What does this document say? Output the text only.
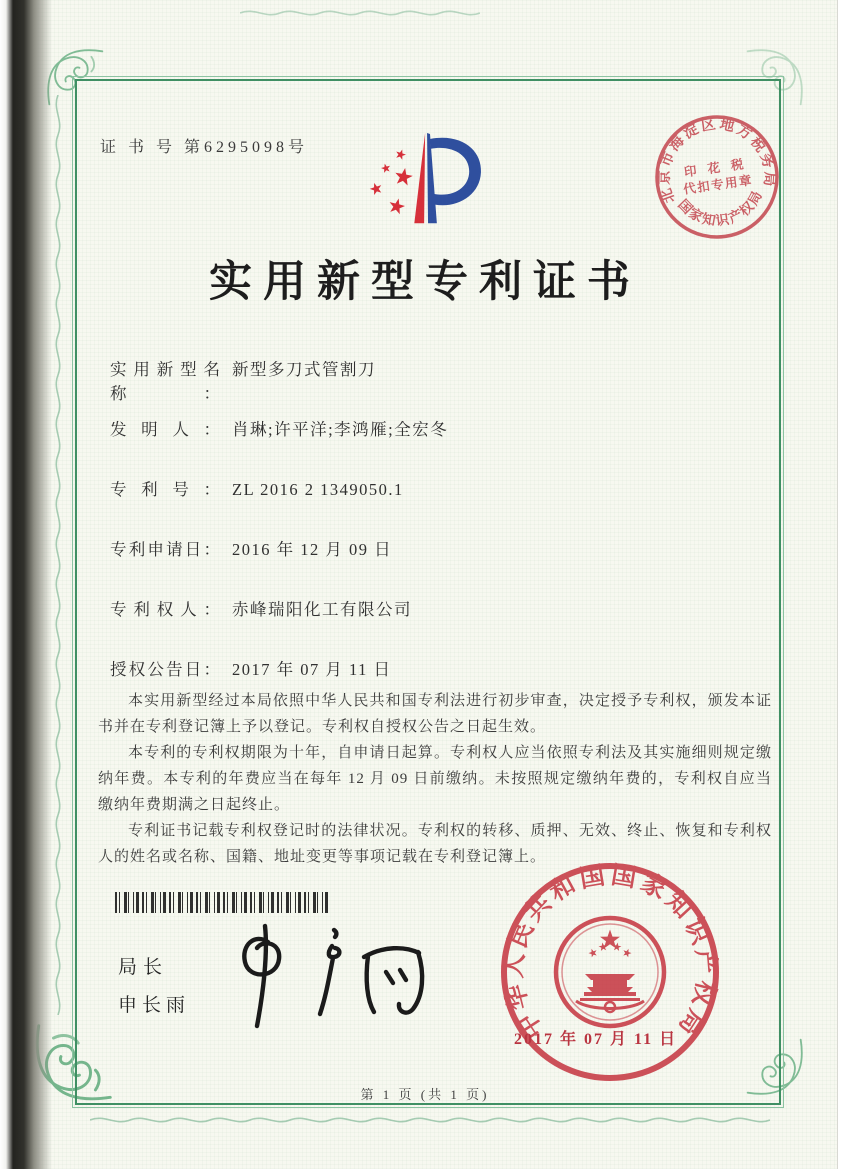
证 书 号 第6295098号
实用新型专利证书
实用新型名称：
新型多刀式管割刀
发明人： 肖琳;许平洋;李鸿雁;全宏冬
专利号： ZL 2016 2 1349050.1
专利申请日： 2016 年 12 月 09 日
专利权人： 赤峰瑞阳化工有限公司
授权公告日： 2017 年 07 月 11 日

本实用新型经过本局依照中华人民共和国专利法进行初步审查，决定授予专利权，颁发本证书并在专利登记簿上予以登记。专利权自授权公告之日起生效。

本专利的专利权期限为十年，自申请日起算。专利权人应当依照专利法及其实施细则规定缴纳年费。本专利的年费应当在每年 12 月 09 日前缴纳。未按照规定缴纳年费的，专利权自应当缴纳年费期满之日起终止。

专利证书记载专利权登记时的法律状况。专利权的转移、质押、无效、终止、恢复和专利权人的姓名或名称、国籍、地址变更等事项记载在专利登记簿上。

局长
申长雨	中华人民共和国国家知识产权局
2017 年 07 月 11 日
北京市海淀区地方税务局
国家知识产权局
印 花 税
代扣专用章
第 1 页 (共 1 页)
